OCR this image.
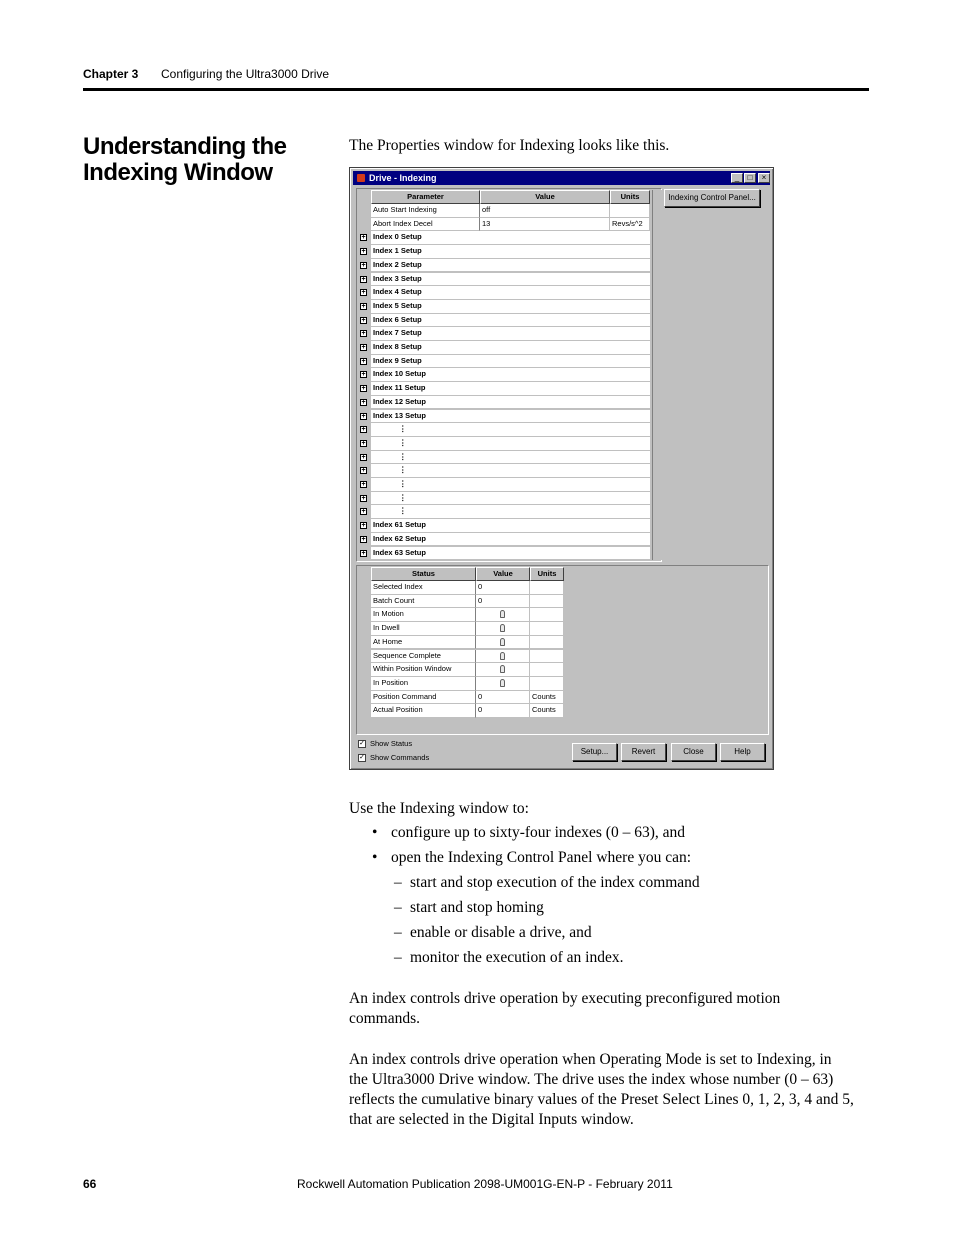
Chapter 3 Configuring the Ultra3000 Drive
Understanding the Indexing Window
The Properties window for Indexing looks like this.
Drive - Indexing	_	□	×
Parameter	Value	Units
Auto Start Indexing	off
Abort Index Decel	13	Revs/s^2
+ Index 0 Setup
+ Index 1 Setup
+ Index 2 Setup
+ Index 3 Setup
+ Index 4 Setup
+ Index 5 Setup
+ Index 6 Setup
+ Index 7 Setup
+ Index 8 Setup
+ Index 9 Setup
+ Index 10 Setup
+ Index 11 Setup
+ Index 12 Setup
+ Index 13 Setup
+	⋮
+	⋮
+	⋮
+	⋮
+	⋮
+	⋮
+	⋮
+ Index 61 Setup
+ Index 62 Setup
+ Index 63 Setup
Indexing Control Panel...
Status	Value	Units
Selected Index	0
Batch Count	0
In Motion
In Dwell
At Home
Sequence Complete
Within Position Window
In Position
Position Command	0	Counts
Actual Position	0	Counts
✓ Show Status
✓ Show Commands
Setup...	Revert	Close	Help
Use the Indexing window to:
• configure up to sixty-four indexes (0 – 63), and
• open the Indexing Control Panel where you can:
– start and stop execution of the index command
– start and stop homing
– enable or disable a drive, and
– monitor the execution of an index.
An index controls drive operation by executing preconfigured motion
commands.
An index controls drive operation when Operating Mode is set to Indexing, in
the Ultra3000 Drive window. The drive uses the index whose number (0 – 63)
reflects the cumulative binary values of the Preset Select Lines 0, 1, 2, 3, 4 and 5,
that are selected in the Digital Inputs window.
66	Rockwell Automation Publication 2098-UM001G-EN-P - February 2011
